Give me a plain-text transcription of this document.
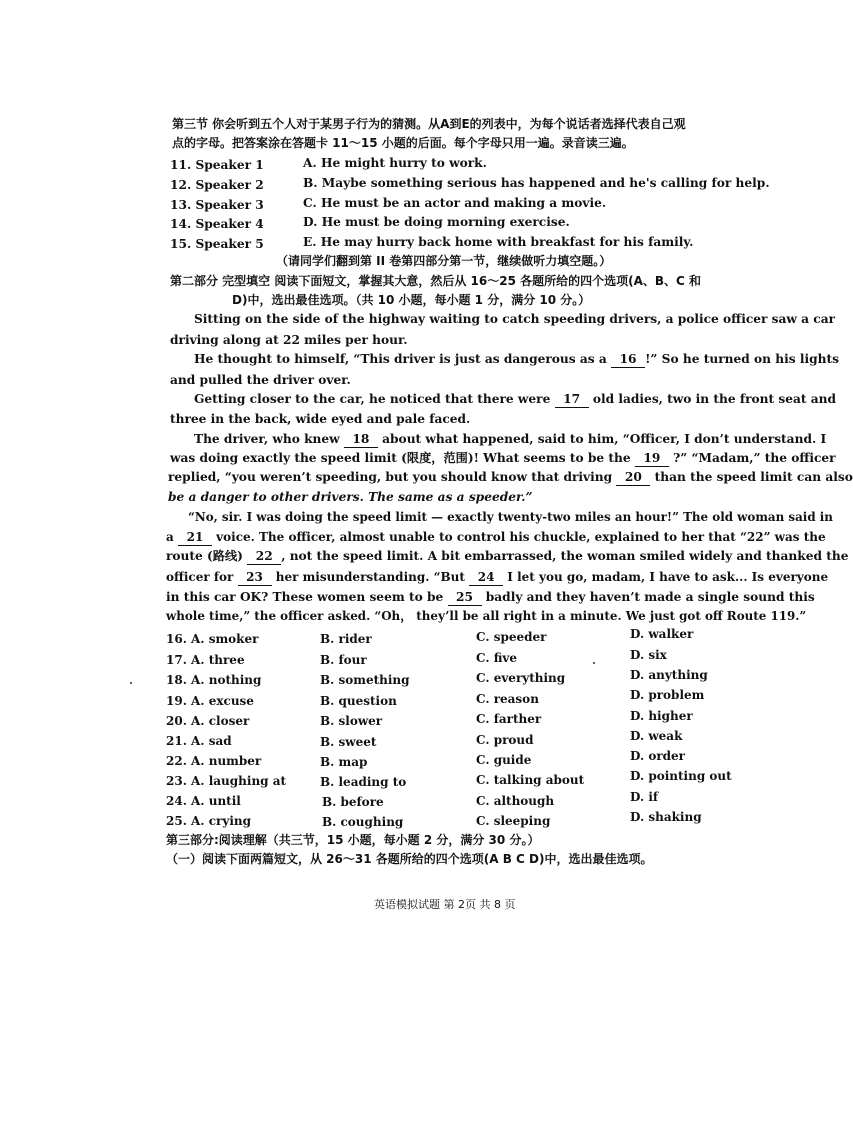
第三节 你会听到五个人对于某男子行为的猜测。从A到E的列表中，为每个说话者选择代表自己观
点的字母。把答案涂在答题卡 11～15 小题的后面。每个字母只用一遍。录音读三遍。
11. Speaker 1	A. He might hurry to work.
12. Speaker 2	B. Maybe something serious has happened and he's calling for help.
13. Speaker 3	C. He must be an actor and making a movie.
14. Speaker 4	D. He must be doing morning exercise.
15. Speaker 5	E. He may hurry back home with breakfast for his family.
（请同学们翻到第 II 卷第四部分第一节，继续做听力填空题。）
第二部分 完型填空 阅读下面短文，掌握其大意，然后从 16～25 各题所给的四个选项(A、B、C 和
D)中，选出最佳选项。（共 10 小题，每小题 1 分，满分 10 分。）
Sitting on the side of the highway waiting to catch speeding drivers, a police officer saw a car
driving along at 22 miles per hour.
He thought to himself, “This driver is just as dangerous as a 16 !” So he turned on his lights
and pulled the driver over.
Getting closer to the car, he noticed that there were 17 old ladies, two in the front seat and
three in the back, wide eyed and pale faced.
The driver, who knew 18 about what happened, said to him, “Officer, I don’t understand. I
was doing exactly the speed limit (限度，范围)! What seems to be the 19 ?” “Madam,” the officer
replied, “you weren’t speeding, but you should know that driving 20 than the speed limit can also
be a danger to other drivers. The same as a speeder.”
“No, sir. I was doing the speed limit — exactly twenty-two miles an hour!” The old woman said in
a 21 voice. The officer, almost unable to control his chuckle, explained to her that “22” was the
route (路线) 22 , not the speed limit. A bit embarrassed, the woman smiled widely and thanked the
officer for 23 her misunderstanding. “But 24 I let you go, madam, I have to ask... Is everyone
in this car OK? These women seem to be 25 badly and they haven’t made a single sound this
whole time,” the officer asked. “Oh， they’ll be all right in a minute. We just got off Route 119.”
16. A. smoker	B. rider	C. speeder	D. walker
17. A. three	B. four	C. five	D. six
18. A. nothing	B. something	C. everything	D. anything
19. A. excuse	B. question	C. reason	D. problem
20. A. closer	B. slower	C. farther	D. higher
21. A. sad	B. sweet	C. proud	D. weak
22. A. number	B. map	C. guide	D. order
23. A. laughing at	B. leading to	C. talking about	D. pointing out
24. A. until	B. before	C. although	D. if
25. A. crying	B. coughing	C. sleeping	D. shaking
第三部分:阅读理解（共三节，15 小题，每小题 2 分，满分 30 分。）
（一）阅读下面两篇短文，从 26～31 各题所给的四个选项(A B C D)中，选出最佳选项。
英语模拟试题 第 2页 共 8 页
